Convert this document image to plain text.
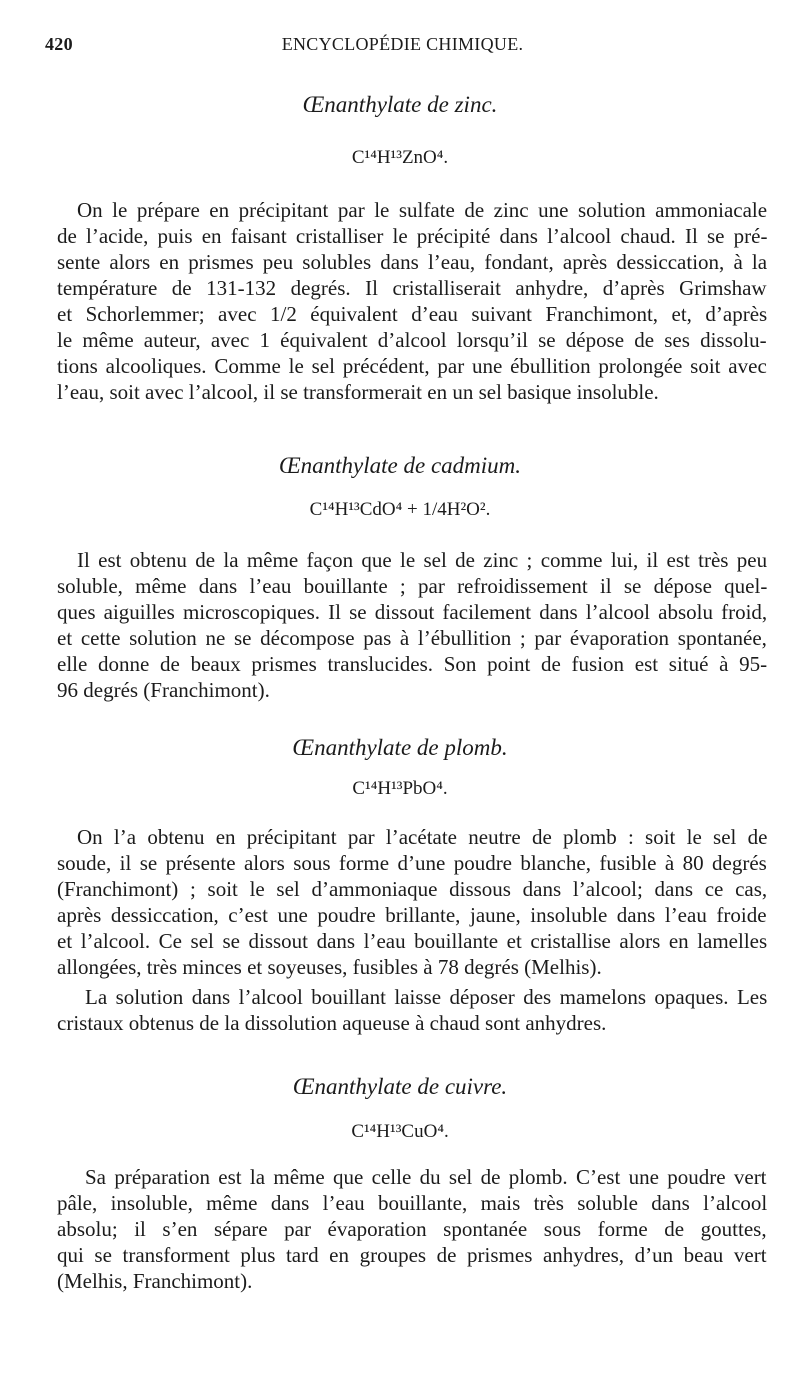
420	ENCYCLOPÉDIE CHIMIQUE.
Œnanthylate de zinc.
C¹⁴H¹³ZnO⁴.
On le prépare en précipitant par le sulfate de zinc une solution ammoniacale
de l’acide, puis en faisant cristalliser le précipité dans l’alcool chaud. Il se pré-
sente alors en prismes peu solubles dans l’eau, fondant, après dessiccation, à la
température de 131-132 degrés. Il cristalliserait anhydre, d’après Grimshaw
et Schorlemmer; avec 1/2 équivalent d’eau suivant Franchimont, et, d’après
le même auteur, avec 1 équivalent d’alcool lorsqu’il se dépose de ses dissolu-
tions alcooliques. Comme le sel précédent, par une ébullition prolongée soit avec
l’eau, soit avec l’alcool, il se transformerait en un sel basique insoluble.
Œnanthylate de cadmium.
C¹⁴H¹³CdO⁴ + 1/4H²O².
Il est obtenu de la même façon que le sel de zinc ; comme lui, il est très peu
soluble, même dans l’eau bouillante ; par refroidissement il se dépose quel-
ques aiguilles microscopiques. Il se dissout facilement dans l’alcool absolu froid,
et cette solution ne se décompose pas à l’ébullition ; par évaporation spontanée,
elle donne de beaux prismes translucides. Son point de fusion est situé à 95-
96 degrés (Franchimont).
Œnanthylate de plomb.
C¹⁴H¹³PbO⁴.
On l’a obtenu en précipitant par l’acétate neutre de plomb : soit le sel de
soude, il se présente alors sous forme d’une poudre blanche, fusible à 80 degrés
(Franchimont) ; soit le sel d’ammoniaque dissous dans l’alcool; dans ce cas,
après dessiccation, c’est une poudre brillante, jaune, insoluble dans l’eau froide
et l’alcool. Ce sel se dissout dans l’eau bouillante et cristallise alors en lamelles
allongées, très minces et soyeuses, fusibles à 78 degrés (Melhis).
La solution dans l’alcool bouillant laisse déposer des mamelons opaques. Les
cristaux obtenus de la dissolution aqueuse à chaud sont anhydres.
Œnanthylate de cuivre.
C¹⁴H¹³CuO⁴.
Sa préparation est la même que celle du sel de plomb. C’est une poudre vert
pâle, insoluble, même dans l’eau bouillante, mais très soluble dans l’alcool
absolu; il s’en sépare par évaporation spontanée sous forme de gouttes,
qui se transforment plus tard en groupes de prismes anhydres, d’un beau vert
(Melhis, Franchimont).
